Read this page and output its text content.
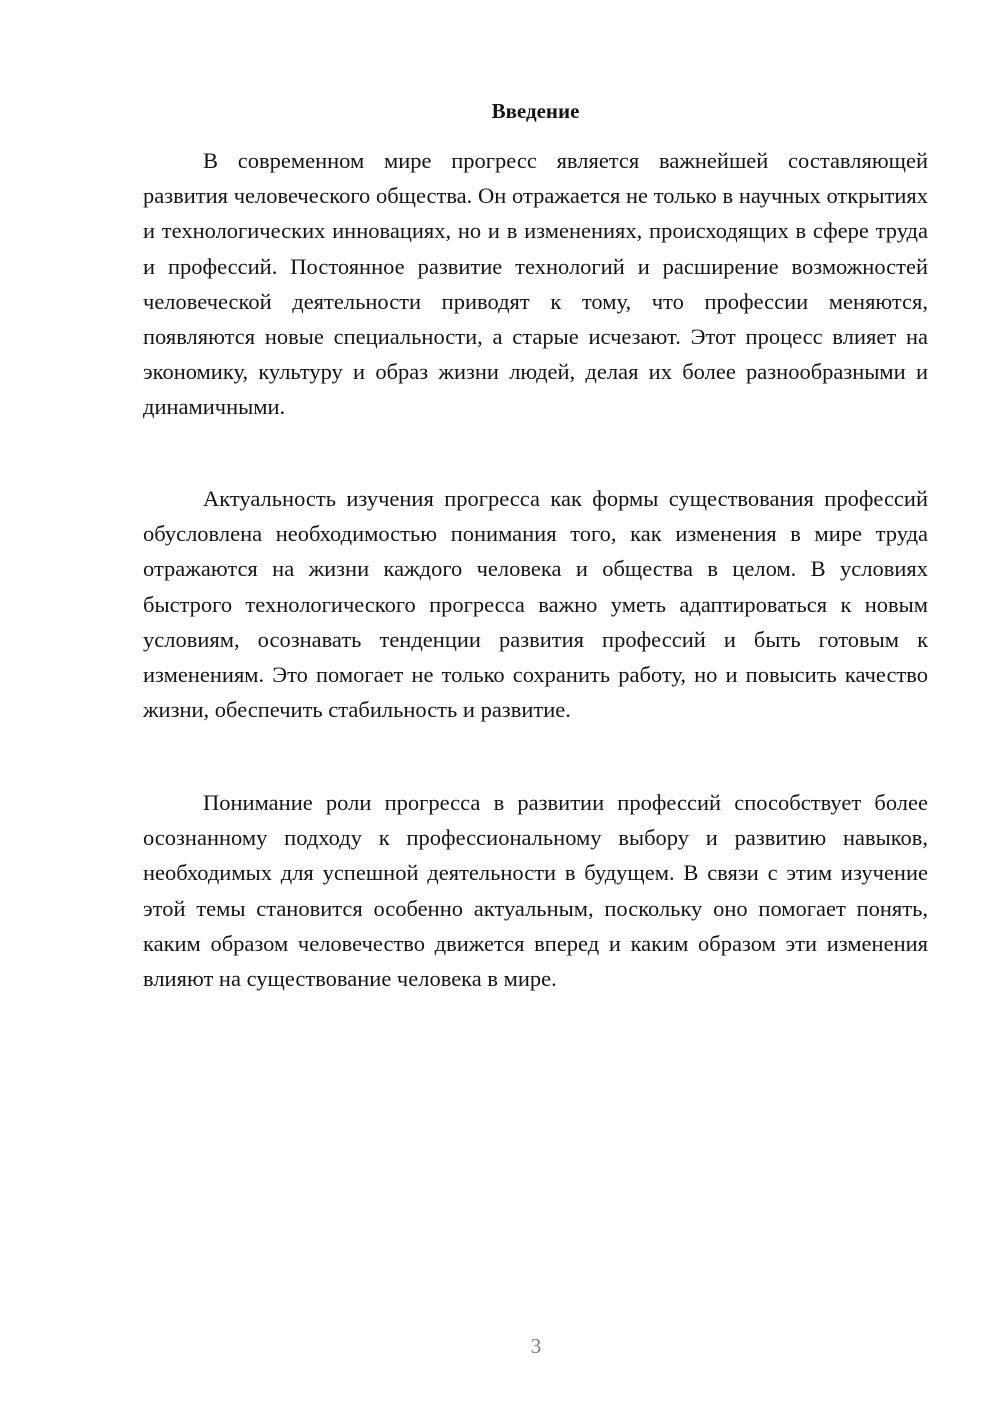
Введение

В современном мире прогресс является важнейшей составляющей развития человеческого общества. Он отражается не только в научных открытиях и технологических инновациях, но и в изменениях, происходящих в сфере труда и профессий. Постоянное развитие технологий и расширение возможностей человеческой деятельности приводят к тому, что профессии меняются, появляются новые специальности, а старые исчезают. Этот процесс влияет на экономику, культуру и образ жизни людей, делая их более разнообразными и динамичными.

Актуальность изучения прогресса как формы существования профессий обусловлена необходимостью понимания того, как изменения в мире труда отражаются на жизни каждого человека и общества в целом. В условиях быстрого технологического прогресса важно уметь адаптироваться к новым условиям, осознавать тенденции развития профессий и быть готовым к изменениям. Это помогает не только сохранить работу, но и повысить качество жизни, обеспечить стабильность и развитие.

Понимание роли прогресса в развитии профессий способствует более осознанному подходу к профессиональному выбору и развитию навыков, необходимых для успешной деятельности в будущем. В связи с этим изучение этой темы становится особенно актуальным, поскольку оно помогает понять, каким образом человечество движется вперед и каким образом эти изменения влияют на существование человека в мире.

3
